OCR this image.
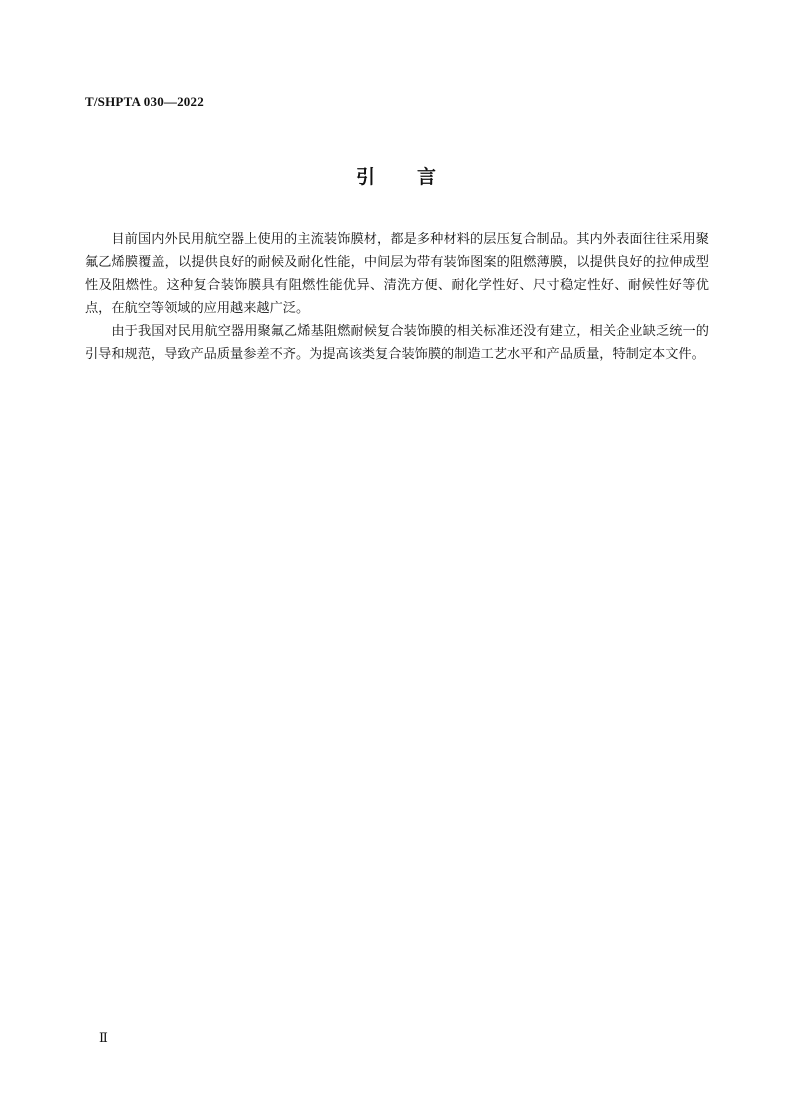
T/SHPTA 030—2022
引 言

目前国内外民用航空器上使用的主流装饰膜材，都是多种材料的层压复合制品。其内外表面往往采用聚氟乙烯膜覆盖，以提供良好的耐候及耐化性能，中间层为带有装饰图案的阻燃薄膜，以提供良好的拉伸成型性及阻燃性。这种复合装饰膜具有阻燃性能优异、清洗方便、耐化学性好、尺寸稳定性好、耐候性好等优点，在航空等领域的应用越来越广泛。

由于我国对民用航空器用聚氟乙烯基阻燃耐候复合装饰膜的相关标准还没有建立，相关企业缺乏统一的引导和规范，导致产品质量参差不齐。为提高该类复合装饰膜的制造工艺水平和产品质量，特制定本文件。

Ⅱ
